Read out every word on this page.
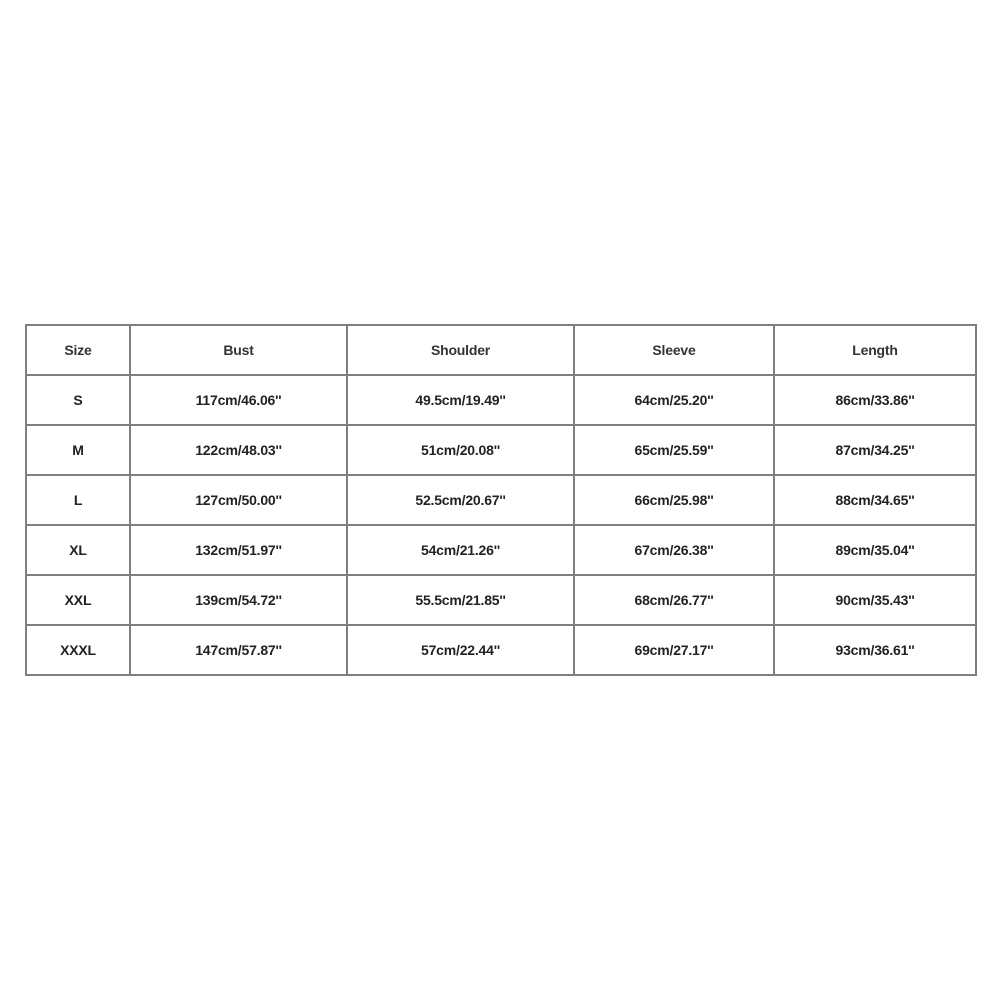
Size	Bust	Shoulder	Sleeve	Length
S	117cm/46.06''	49.5cm/19.49''	64cm/25.20''	86cm/33.86''
M	122cm/48.03''	51cm/20.08''	65cm/25.59''	87cm/34.25''
L	127cm/50.00''	52.5cm/20.67''	66cm/25.98''	88cm/34.65''
XL	132cm/51.97''	54cm/21.26''	67cm/26.38''	89cm/35.04''
XXL	139cm/54.72''	55.5cm/21.85''	68cm/26.77''	90cm/35.43''
XXXL	147cm/57.87''	57cm/22.44''	69cm/27.17''	93cm/36.61''
